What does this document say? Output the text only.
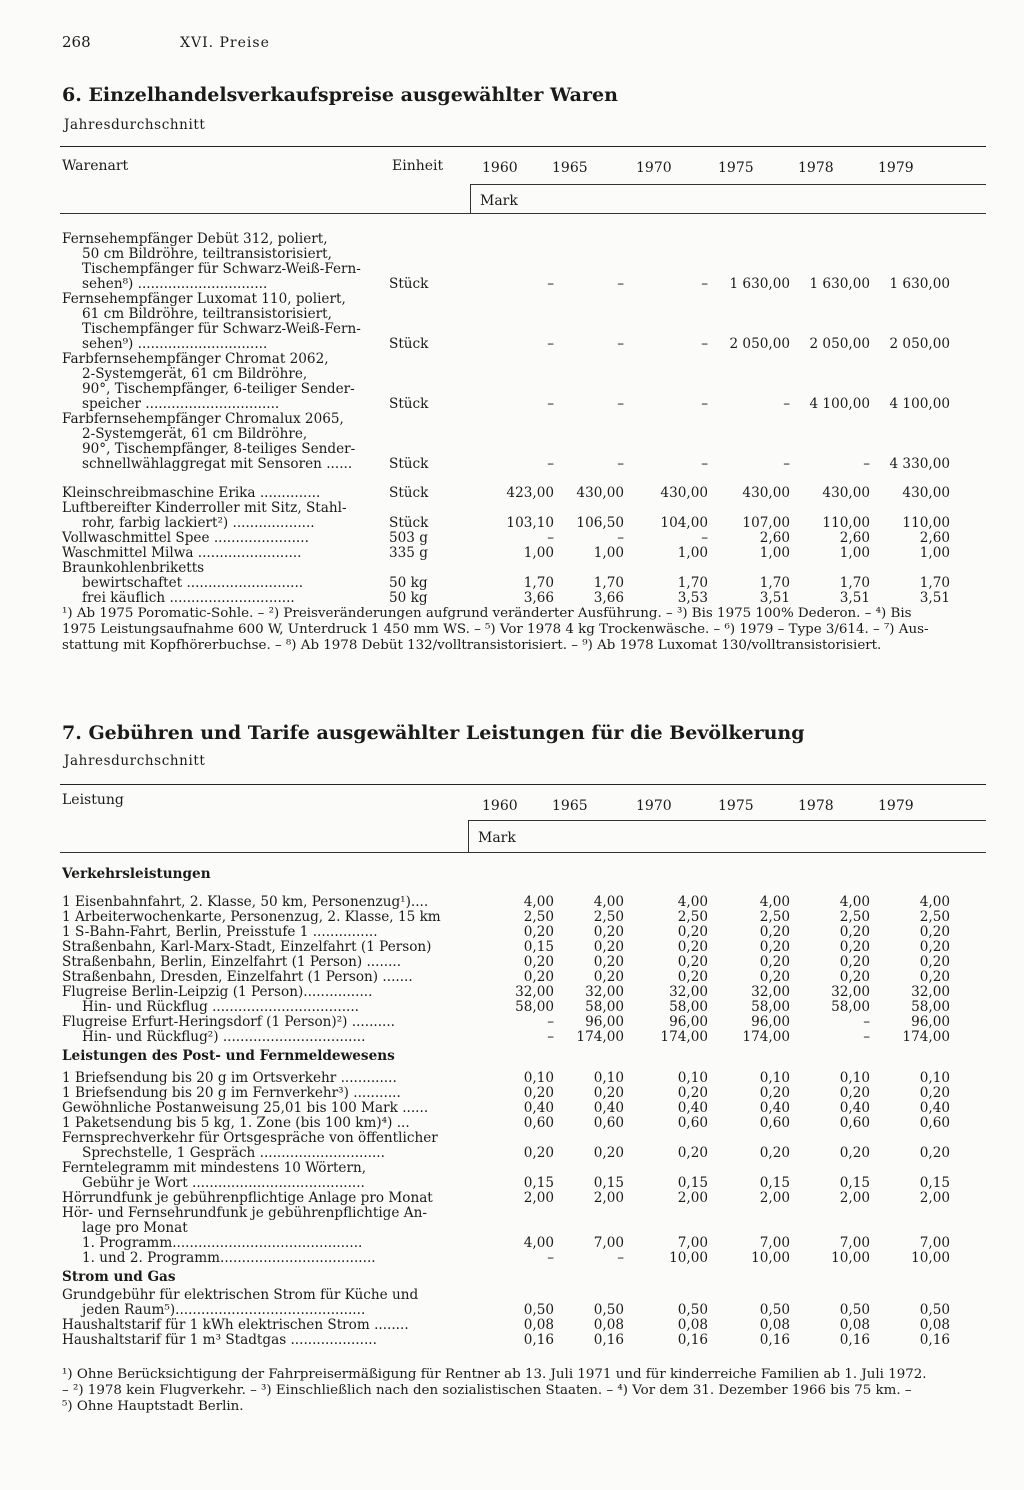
268	XVI. Preise
6. Einzelhandelsverkaufspreise ausgewählter Waren
Jahresdurchschnitt
Warenart	Einheit	1960 1965	1970	1975	1978	1979
Mark
Fernsehempfänger Debüt 312, poliert,
50 cm Bildröhre, teiltransistorisiert,
Tischempfänger für Schwarz-Weiß-Fern-
sehen⁸) ..............................	Stück	–	–	–	1 630,00	1 630,00	1 630,00
Fernsehempfänger Luxomat 110, poliert,
61 cm Bildröhre, teiltransistorisiert,
Tischempfänger für Schwarz-Weiß-Fern-
sehen⁹) ..............................	Stück	–	–	–	2 050,00	2 050,00	2 050,00
Farbfernsehempfänger Chromat 2062,
2-Systemgerät, 61 cm Bildröhre,
90°, Tischempfänger, 6-teiliger Sender-
speicher ...............................	Stück	–	–	–	–	4 100,00	4 100,00
Farbfernsehempfänger Chromalux 2065,
2-Systemgerät, 61 cm Bildröhre,
90°, Tischempfänger, 8-teiliges Sender-
schnellwählaggregat mit Sensoren ......	Stück	–	–	–	–	–	4 330,00
Kleinschreibmaschine Erika ..............	Stück	423,00	430,00	430,00	430,00	430,00	430,00
Luftbereifter Kinderroller mit Sitz, Stahl-
rohr, farbig lackiert²) ...................	Stück	103,10	106,50	104,00	107,00	110,00	110,00
Vollwaschmittel Spee ......................	503 g	–	–	–	2,60	2,60	2,60
Waschmittel Milwa ........................	335 g	1,00	1,00	1,00	1,00	1,00	1,00
Braunkohlenbriketts
bewirtschaftet ...........................	50 kg	1,70	1,70	1,70	1,70	1,70	1,70
frei käuflich .............................	50 kg	3,66	3,66	3,53	3,51	3,51	3,51

¹) Ab 1975 Poromatic-Sohle. – ²) Preisveränderungen aufgrund veränderter Ausführung. – ³) Bis 1975 100% Dederon. – ⁴) Bis

1975 Leistungsaufnahme 600 W, Unterdruck 1 450 mm WS. – ⁵) Vor 1978 4 kg Trockenwäsche. – ⁶) 1979 – Type 3/614. – ⁷) Aus-

stattung mit Kopfhörerbuchse. – ⁸) Ab 1978 Debüt 132/volltransistorisiert. – ⁹) Ab 1978 Luxomat 130/volltransistorisiert.

7. Gebühren und Tarife ausgewählter Leistungen für die Bevölkerung
Jahresdurchschnitt
Leistung	1960 1965	1970	1975	1978	1979
Mark
Verkehrsleistungen
1 Eisenbahnfahrt, 2. Klasse, 50 km, Personenzug¹)....	4,00	4,00	4,00	4,00	4,00	4,00
1 Arbeiterwochenkarte, Personenzug, 2. Klasse, 15 km	2,50	2,50	2,50	2,50	2,50	2,50
1 S-Bahn-Fahrt, Berlin, Preisstufe 1 ...............	0,20	0,20	0,20	0,20	0,20	0,20
Straßenbahn, Karl-Marx-Stadt, Einzelfahrt (1 Person)	0,15	0,20	0,20	0,20	0,20	0,20
Straßenbahn, Berlin, Einzelfahrt (1 Person) ........	0,20	0,20	0,20	0,20	0,20	0,20
Straßenbahn, Dresden, Einzelfahrt (1 Person) .......	0,20	0,20	0,20	0,20	0,20	0,20
Flugreise Berlin-Leipzig (1 Person)................	32,00	32,00	32,00	32,00	32,00	32,00
Hin- und Rückflug ..................................	58,00	58,00	58,00	58,00	58,00	58,00
Flugreise Erfurt-Heringsdorf (1 Person)²) ..........	–	96,00	96,00	96,00	–	96,00
Hin- und Rückflug²) .................................	–	174,00	174,00	174,00	–	174,00
Leistungen des Post- und Fernmeldewesens
1 Briefsendung bis 20 g im Ortsverkehr .............	0,10	0,10	0,10	0,10	0,10	0,10
1 Briefsendung bis 20 g im Fernverkehr³) ...........	0,20	0,20	0,20	0,20	0,20	0,20
Gewöhnliche Postanweisung 25,01 bis 100 Mark ......	0,40	0,40	0,40	0,40	0,40	0,40
1 Paketsendung bis 5 kg, 1. Zone (bis 100 km)⁴) ...	0,60	0,60	0,60	0,60	0,60	0,60
Fernsprechverkehr für Ortsgespräche von öffentlicher
Sprechstelle, 1 Gespräch .............................	0,20	0,20	0,20	0,20	0,20	0,20
Ferntelegramm mit mindestens 10 Wörtern,
Gebühr je Wort ........................................	0,15	0,15	0,15	0,15	0,15	0,15
Hörrundfunk je gebührenpflichtige Anlage pro Monat	2,00	2,00	2,00	2,00	2,00	2,00
Hör- und Fernsehrundfunk je gebührenpflichtige An-
lage pro Monat
1. Programm............................................	4,00	7,00	7,00	7,00	7,00	7,00
1. und 2. Programm....................................	–	–	10,00	10,00	10,00	10,00
Strom und Gas
Grundgebühr für elektrischen Strom für Küche und
jeden Raum⁵)............................................	0,50	0,50	0,50	0,50	0,50	0,50
Haushaltstarif für 1 kWh elektrischen Strom ........	0,08	0,08	0,08	0,08	0,08	0,08
Haushaltstarif für 1 m³ Stadtgas ....................	0,16	0,16	0,16	0,16	0,16	0,16

¹) Ohne Berücksichtigung der Fahrpreisermäßigung für Rentner ab 13. Juli 1971 und für kinderreiche Familien ab 1. Juli 1972.

– ²) 1978 kein Flugverkehr. – ³) Einschließlich nach den sozialistischen Staaten. – ⁴) Vor dem 31. Dezember 1966 bis 75 km. –

⁵) Ohne Hauptstadt Berlin.
